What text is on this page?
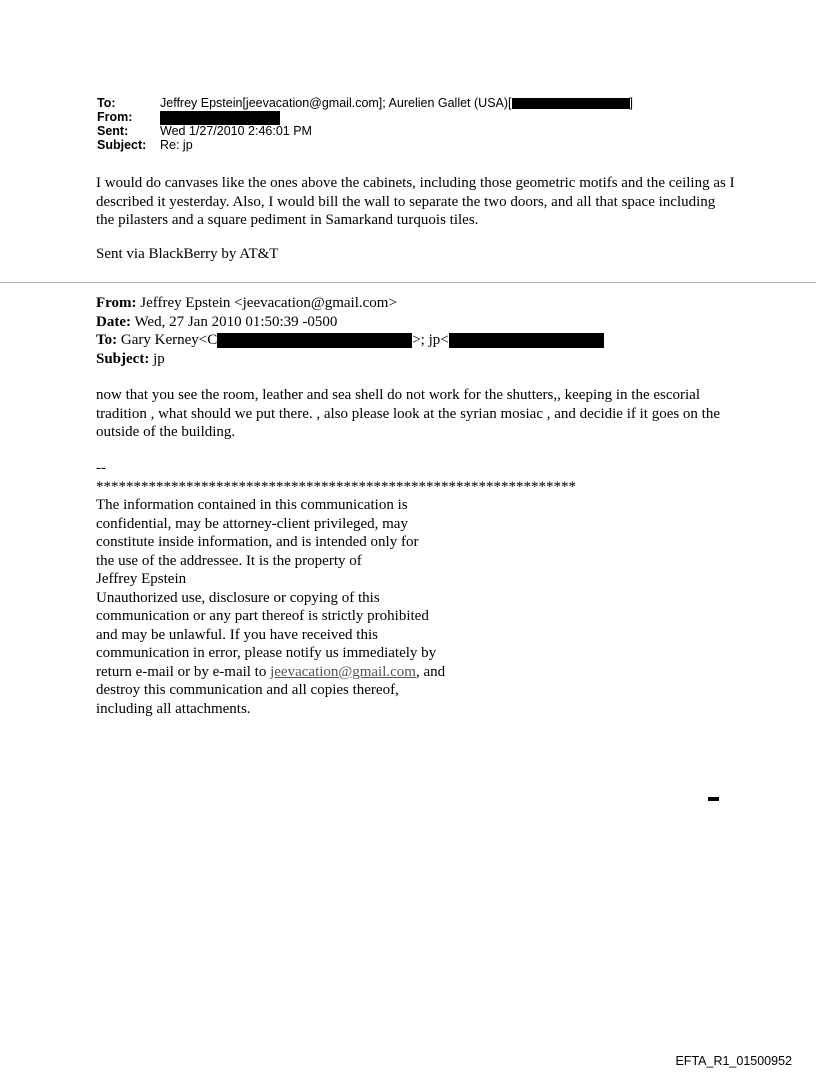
To:	Jeffrey Epstein[jeevacation@gmail.com]; Aurelien Gallet (USA)[	]
From:
Sent:	Wed 1/27/2010 2:46:01 PM
Subject: Re: jp

I would do canvases like the ones above the cabinets, including those geometric motifs and the ceiling as I described it yesterday. Also, I would bill the wall to separate the two doors, and all that space including the pilasters and a square pediment in Samarkand turquois tiles.

Sent via BlackBerry by AT&T

From: Jeffrey Epstein <jeevacation@gmail.com>
Date: Wed, 27 Jan 2010 01:50:39 -0500
To: Gary Kerney<C	>; jp<
Subject: jp

now that you see the room, leather and sea shell do not work for the shutters,, keeping in the escorial tradition , what should we put there. , also please look at the syrian mosiac , and decidie if it goes on the outside of the building.

--
****************************************************************
The information contained in this communication is
confidential, may be attorney-client privileged, may
constitute inside information, and is intended only for
the use of the addressee. It is the property of
Jeffrey Epstein
Unauthorized use, disclosure or copying of this
communication or any part thereof is strictly prohibited
and may be unlawful. If you have received this
communication in error, please notify us immediately by
return e-mail or by e-mail to jeevacation@gmail.com, and
destroy this communication and all copies thereof,
including all attachments.
EFTA_R1_01500952
